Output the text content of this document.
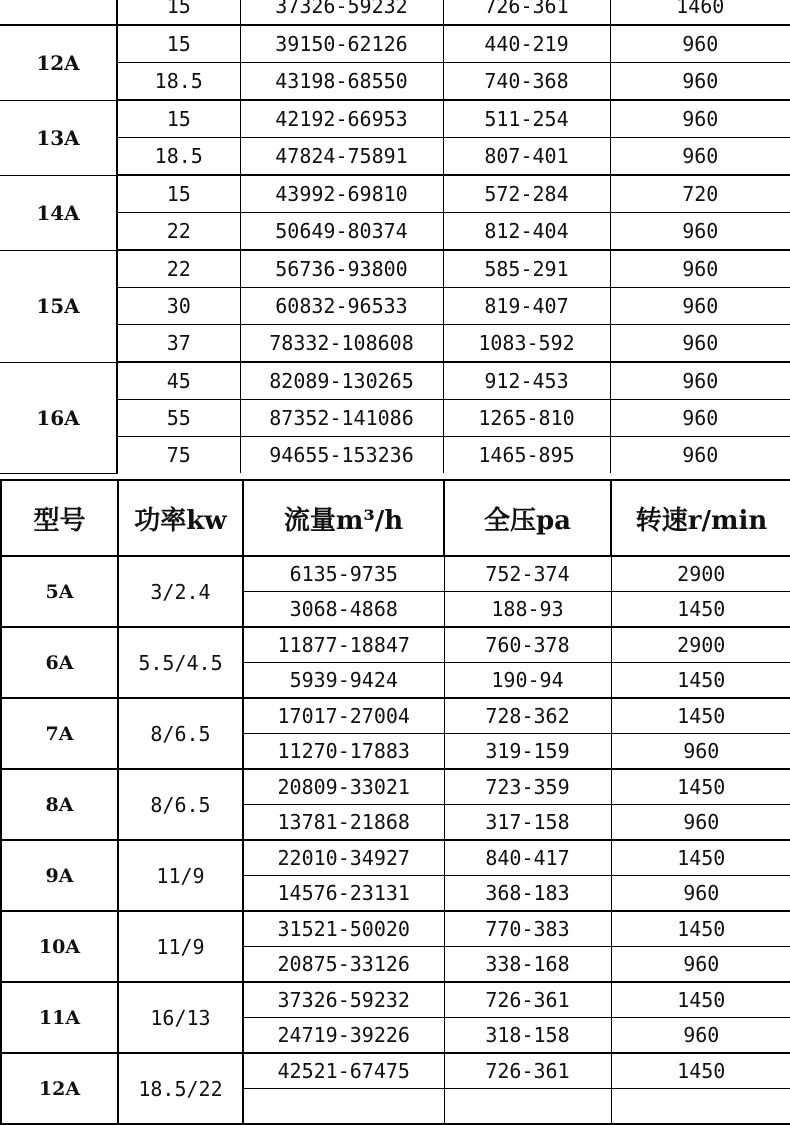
	15	37326-59232	726-361	1460
12A	15	39150-62126	440-219	960
	18.5	43198-68550	740-368	960
13A	15	42192-66953	511-254	960
	18.5	47824-75891	807-401	960
14A	15	43992-69810	572-284	720
	22	50649-80374	812-404	960
15A	22	56736-93800	585-291	960
	30	60832-96533	819-407	960
	37	78332-108608	1083-592	960
16A	45	82089-130265	912-453	960
	55	87352-141086	1265-810	960
	75	94655-153236	1465-895	960
型号	功率kw	流量m³/h	全压pa	转速r/min
5A	3/2.4	6135-9735	752-374	2900
		3068-4868	188-93	1450
6A	5.5/4.5	11877-18847	760-378	2900
		5939-9424	190-94	1450
7A	8/6.5	17017-27004	728-362	1450
		11270-17883	319-159	960
8A	8/6.5	20809-33021	723-359	1450
		13781-21868	317-158	960
9A	11/9	22010-34927	840-417	1450
		14576-23131	368-183	960
10A	11/9	31521-50020	770-383	1450
		20875-33126	338-168	960
11A	16/13	37326-59232	726-361	1450
		24719-39226	318-158	960
12A	18.5/22	42521-67475	726-361	1450
